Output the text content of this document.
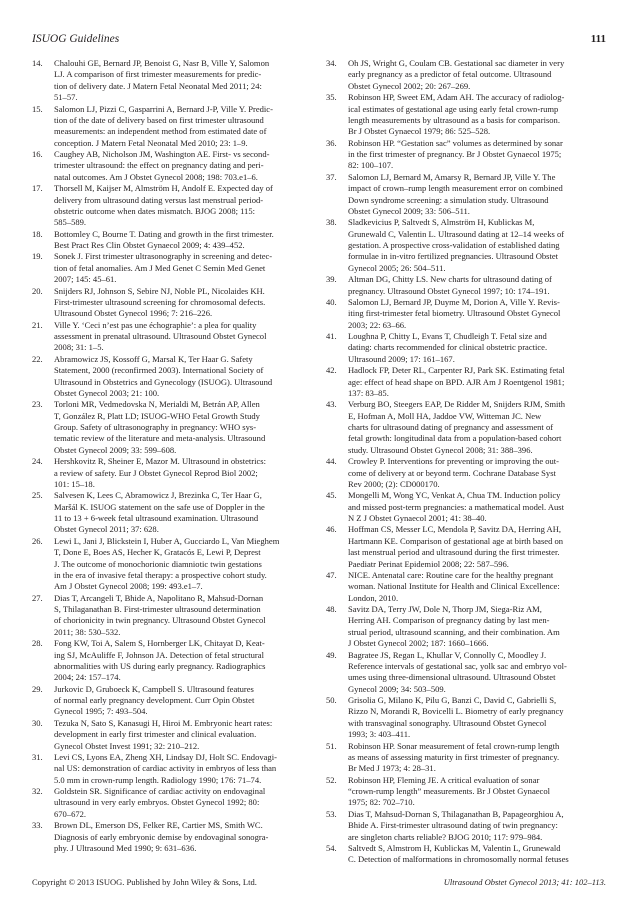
ISUOG Guidelines	111
14.	Chalouhi GE, Bernard JP, Benoist G, Nasr B, Ville Y, Salomon
LJ. A comparison of first trimester measurements for predic-
tion of delivery date. J Matern Fetal Neonatal Med 2011; 24:
51–57.
15.	Salomon LJ, Pizzi C, Gasparrini A, Bernard J-P, Ville Y. Predic-
tion of the date of delivery based on first trimester ultrasound
measurements: an independent method from estimated date of
conception. J Matern Fetal Neonatal Med 2010; 23: 1–9.
16.	Caughey AB, Nicholson JM, Washington AE. First- vs second-
trimester ultrasound: the effect on pregnancy dating and peri-
natal outcomes. Am J Obstet Gynecol 2008; 198: 703.e1–6.
17.	Thorsell M, Kaijser M, Almström H, Andolf E. Expected day of
delivery from ultrasound dating versus last menstrual period-
obstetric outcome when dates mismatch. BJOG 2008; 115:
585–589.
18.	Bottomley C, Bourne T. Dating and growth in the first trimester.
Best Pract Res Clin Obstet Gynaecol 2009; 4: 439–452.
19.	Sonek J. First trimester ultrasonography in screening and detec-
tion of fetal anomalies. Am J Med Genet C Semin Med Genet
2007; 145: 45–61.
20.	Snijders RJ, Johnson S, Sebire NJ, Noble PL, Nicolaides KH.
First-trimester ultrasound screening for chromosomal defects.
Ultrasound Obstet Gynecol 1996; 7: 216–226.
21.	Ville Y. ‘Ceci n’est pas une échographie’: a plea for quality
assessment in prenatal ultrasound. Ultrasound Obstet Gynecol
2008; 31: 1–5.
22.	Abramowicz JS, Kossoff G, Marsal K, Ter Haar G. Safety
Statement, 2000 (reconfirmed 2003). International Society of
Ultrasound in Obstetrics and Gynecology (ISUOG). Ultrasound
Obstet Gynecol 2003; 21: 100.
23.	Torloni MR, Vedmedovska N, Merialdi M, Betrán AP, Allen
T, González R, Platt LD; ISUOG-WHO Fetal Growth Study
Group. Safety of ultrasonography in pregnancy: WHO sys-
tematic review of the literature and meta-analysis. Ultrasound
Obstet Gynecol 2009; 33: 599–608.
24.	Hershkovitz R, Sheiner E, Mazor M. Ultrasound in obstetrics:
a review of safety. Eur J Obstet Gynecol Reprod Biol 2002;
101: 15–18.
25.	Salvesen K, Lees C, Abramowicz J, Brezinka C, Ter Haar G,
Maršál K. ISUOG statement on the safe use of Doppler in the
11 to 13 + 6-week fetal ultrasound examination. Ultrasound
Obstet Gynecol 2011; 37: 628.
26.	Lewi L, Jani J, Blickstein I, Huber A, Gucciardo L, Van Mieghem
T, Done E, Boes AS, Hecher K, Gratacós E, Lewi P, Deprest
J. The outcome of monochorionic diamniotic twin gestations
in the era of invasive fetal therapy: a prospective cohort study.
Am J Obstet Gynecol 2008; 199: 493.e1–7.
27.	Dias T, Arcangeli T, Bhide A, Napolitano R, Mahsud-Dornan
S, Thilaganathan B. First-trimester ultrasound determination
of chorionicity in twin pregnancy. Ultrasound Obstet Gynecol
2011; 38: 530–532.
28.	Fong KW, Toi A, Salem S, Hornberger LK, Chitayat D, Keat-
ing SJ, McAuliffe F, Johnson JA. Detection of fetal structural
abnormalities with US during early pregnancy. Radiographics
2004; 24: 157–174.
29.	Jurkovic D, Gruboeck K, Campbell S. Ultrasound features
of normal early pregnancy development. Curr Opin Obstet
Gynecol 1995; 7: 493–504.
30.	Tezuka N, Sato S, Kanasugi H, Hiroi M. Embryonic heart rates:
development in early first trimester and clinical evaluation.
Gynecol Obstet Invest 1991; 32: 210–212.
31.	Levi CS, Lyons EA, Zheng XH, Lindsay DJ, Holt SC. Endovagi-
nal US: demonstration of cardiac activity in embryos of less than
5.0 mm in crown-rump length. Radiology 1990; 176: 71–74.
32.	Goldstein SR. Significance of cardiac activity on endovaginal
ultrasound in very early embryos. Obstet Gynecol 1992; 80:
670–672.
33.	Brown DL, Emerson DS, Felker RE, Cartier MS, Smith WC.
Diagnosis of early embryonic demise by endovaginal sonogra-
phy. J Ultrasound Med 1990; 9: 631–636.
34.	Oh JS, Wright G, Coulam CB. Gestational sac diameter in very
early pregnancy as a predictor of fetal outcome. Ultrasound
Obstet Gynecol 2002; 20: 267–269.
35.	Robinson HP, Sweet EM, Adam AH. The accuracy of radiolog-
ical estimates of gestational age using early fetal crown-rump
length measurements by ultrasound as a basis for comparison.
Br J Obstet Gynaecol 1979; 86: 525–528.
36.	Robinson HP. “Gestation sac” volumes as determined by sonar
in the first trimester of pregnancy. Br J Obstet Gynaecol 1975;
82: 100–107.
37.	Salomon LJ, Bernard M, Amarsy R, Bernard JP, Ville Y. The
impact of crown–rump length measurement error on combined
Down syndrome screening: a simulation study. Ultrasound
Obstet Gynecol 2009; 33: 506–511.
38.	Sladkevicius P, Saltvedt S, Almström H, Kublickas M,
Grunewald C, Valentin L. Ultrasound dating at 12–14 weeks of
gestation. A prospective cross-validation of established dating
formulae in in-vitro fertilized pregnancies. Ultrasound Obstet
Gynecol 2005; 26: 504–511.
39.	Altman DG, Chitty LS. New charts for ultrasound dating of
pregnancy. Ultrasound Obstet Gynecol 1997; 10: 174–191.
40.	Salomon LJ, Bernard JP, Duyme M, Dorion A, Ville Y. Revis-
iting first-trimester fetal biometry. Ultrasound Obstet Gynecol
2003; 22: 63–66.
41.	Loughna P, Chitty L, Evans T, Chudleigh T. Fetal size and
dating: charts recommended for clinical obstetric practice.
Ultrasound 2009; 17: 161–167.
42.	Hadlock FP, Deter RL, Carpenter RJ, Park SK. Estimating fetal
age: effect of head shape on BPD. AJR Am J Roentgenol 1981;
137: 83–85.
43.	Verburg BO, Steegers EAP, De Ridder M, Snijders RJM, Smith
E, Hofman A, Moll HA, Jaddoe VW, Witteman JC. New
charts for ultrasound dating of pregnancy and assessment of
fetal growth: longitudinal data from a population-based cohort
study. Ultrasound Obstet Gynecol 2008; 31: 388–396.
44.	Crowley P. Interventions for preventing or improving the out-
come of delivery at or beyond term. Cochrane Database Syst
Rev 2000; (2): CD000170.
45.	Mongelli M, Wong YC, Venkat A, Chua TM. Induction policy
and missed post-term pregnancies: a mathematical model. Aust
N Z J Obstet Gynaecol 2001; 41: 38–40.
46.	Hoffman CS, Messer LC, Mendola P, Savitz DA, Herring AH,
Hartmann KE. Comparison of gestational age at birth based on
last menstrual period and ultrasound during the first trimester.
Paediatr Perinat Epidemiol 2008; 22: 587–596.
47.	NICE. Antenatal care: Routine care for the healthy pregnant
woman. National Institute for Health and Clinical Excellence:
London, 2010.
48.	Savitz DA, Terry JW, Dole N, Thorp JM, Siega-Riz AM,
Herring AH. Comparison of pregnancy dating by last men-
strual period, ultrasound scanning, and their combination. Am
J Obstet Gynecol 2002; 187: 1660–1666.
49.	Bagratee JS, Regan L, Khullar V, Connolly C, Moodley J.
Reference intervals of gestational sac, yolk sac and embryo vol-
umes using three-dimensional ultrasound. Ultrasound Obstet
Gynecol 2009; 34: 503–509.
50.	Grisolia G, Milano K, Pilu G, Banzi C, David C, Gabrielli S,
Rizzo N, Morandi R, Bovicelli L. Biometry of early pregnancy
with transvaginal sonography. Ultrasound Obstet Gynecol
1993; 3: 403–411.
51.	Robinson HP. Sonar measurement of fetal crown-rump length
as means of assessing maturity in first trimester of pregnancy.
Br Med J 1973; 4: 28–31.
52.	Robinson HP, Fleming JE. A critical evaluation of sonar
“crown-rump length” measurements. Br J Obstet Gynaecol
1975; 82: 702–710.
53.	Dias T, Mahsud-Dornan S, Thilaganathan B, Papageorghiou A,
Bhide A. First-trimester ultrasound dating of twin pregnancy:
are singleton charts reliable? BJOG 2010; 117: 979–984.
54.	Saltvedt S, Almstrom H, Kublickas M, Valentin L, Grunewald
C. Detection of malformations in chromosomally normal fetuses
Copyright © 2013 ISUOG. Published by John Wiley & Sons, Ltd.	Ultrasound Obstet Gynecol 2013; 41: 102–113.
